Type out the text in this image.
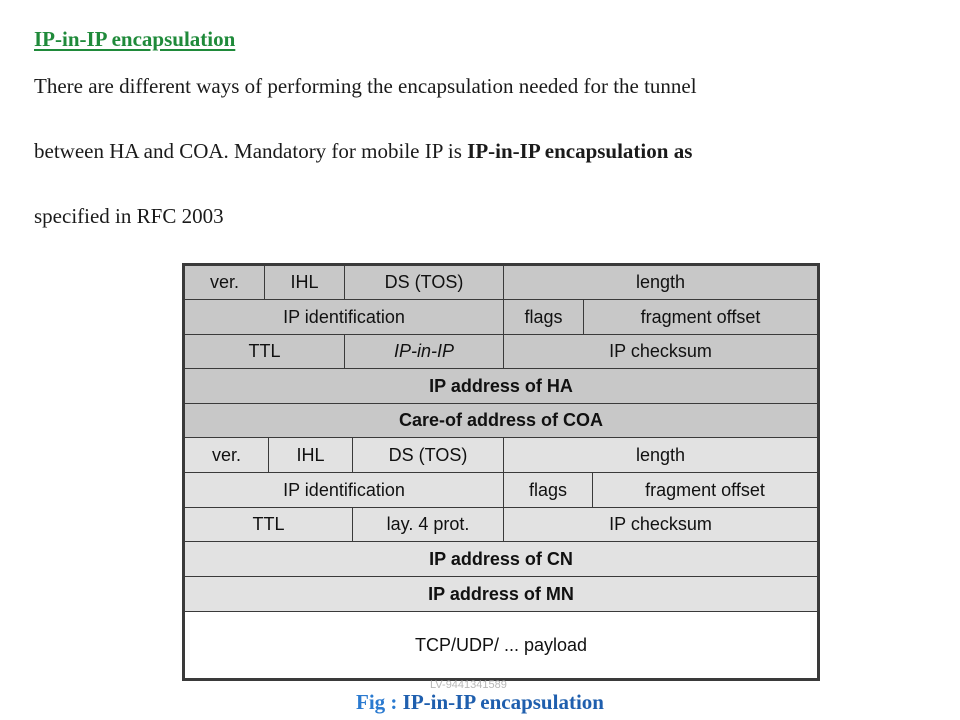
IP-in-IP encapsulation
There are different ways of performing the encapsulation needed for the tunnel
between HA and COA. Mandatory for mobile IP is IP-in-IP encapsulation as
specified in RFC 2003
ver.	IHL	DS (TOS)	length
IP identification	flags	fragment offset
TTL	IP-in-IP	IP checksum
IP address of HA
Care-of address of COA
ver.	IHL	DS (TOS)	length
IP identification	flags	fragment offset
TTL	lay. 4 prot.	IP checksum
IP address of CN
IP address of MN
TCP/UDP/ ... payload
LV-9441341589
Fig : IP-in-IP encapsulation
